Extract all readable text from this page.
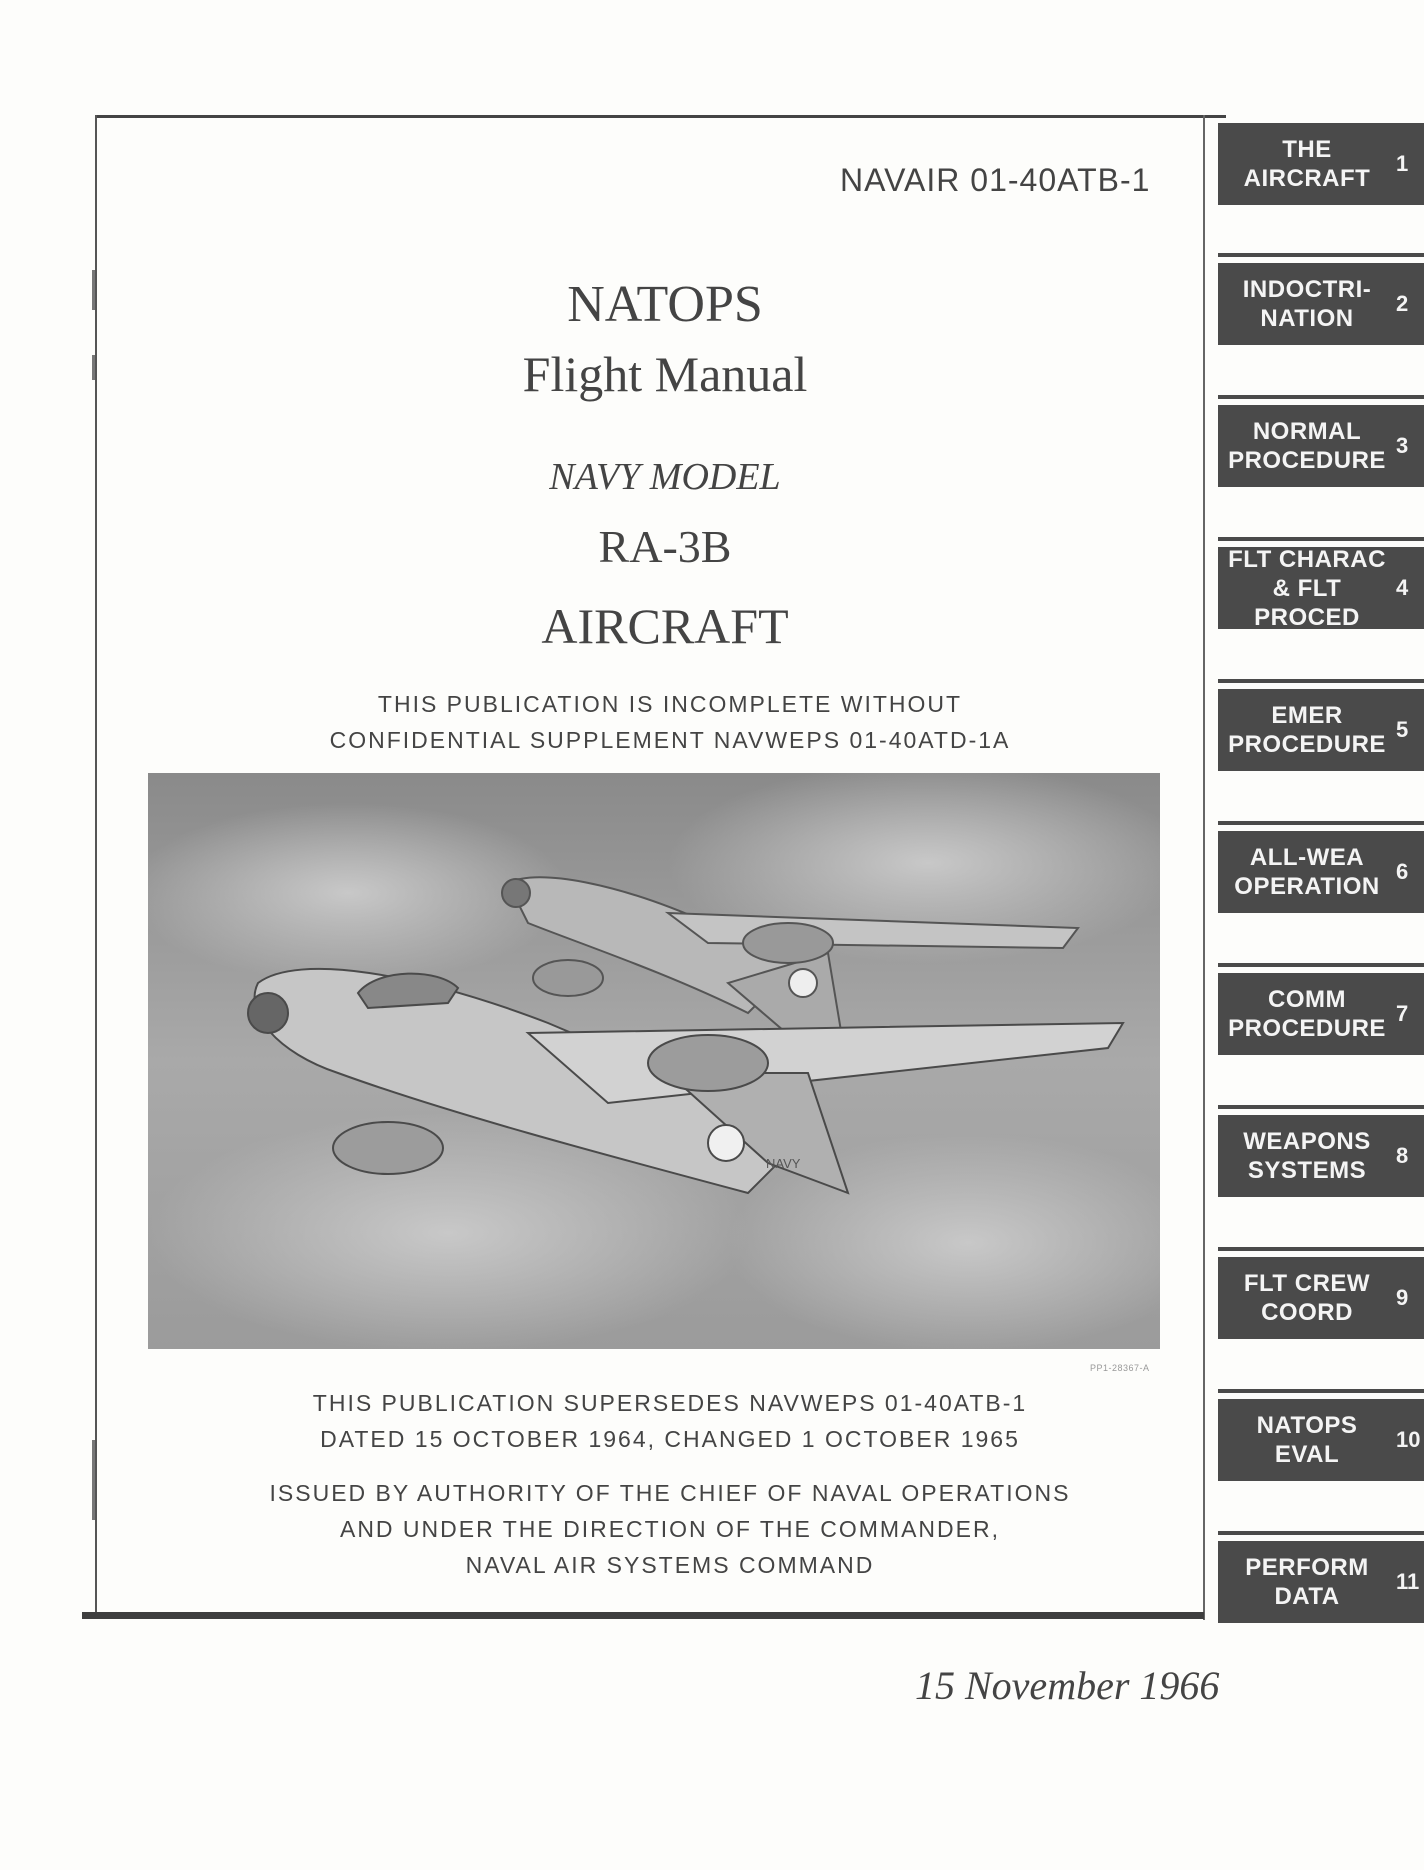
NAVAIR 01-40ATB-1
NATOPS
Flight Manual
NAVY MODEL
RA-3B
AIRCRAFT
THIS PUBLICATION IS INCOMPLETE WITHOUT
CONFIDENTIAL SUPPLEMENT NAVWEPS 01-40ATD-1A
NAVY
PP1-28367-A
THIS PUBLICATION SUPERSEDES NAVWEPS 01-40ATB-1
DATED 15 OCTOBER 1964, CHANGED 1 OCTOBER 1965
ISSUED BY AUTHORITY OF THE CHIEF OF NAVAL OPERATIONS
AND UNDER THE DIRECTION OF THE COMMANDER,
NAVAL AIR SYSTEMS COMMAND
15 November 1966
THE
AIRCRAFT
1
INDOCTRI-
NATION
2
NORMAL
PROCEDURE
3
FLT CHARAC
& FLT PROCED
4
EMER
PROCEDURE
5
ALL-WEA
OPERATION
6
COMM
PROCEDURE
7
WEAPONS
SYSTEMS
8
FLT CREW
COORD
9
NATOPS
EVAL
10
PERFORM
DATA
11
